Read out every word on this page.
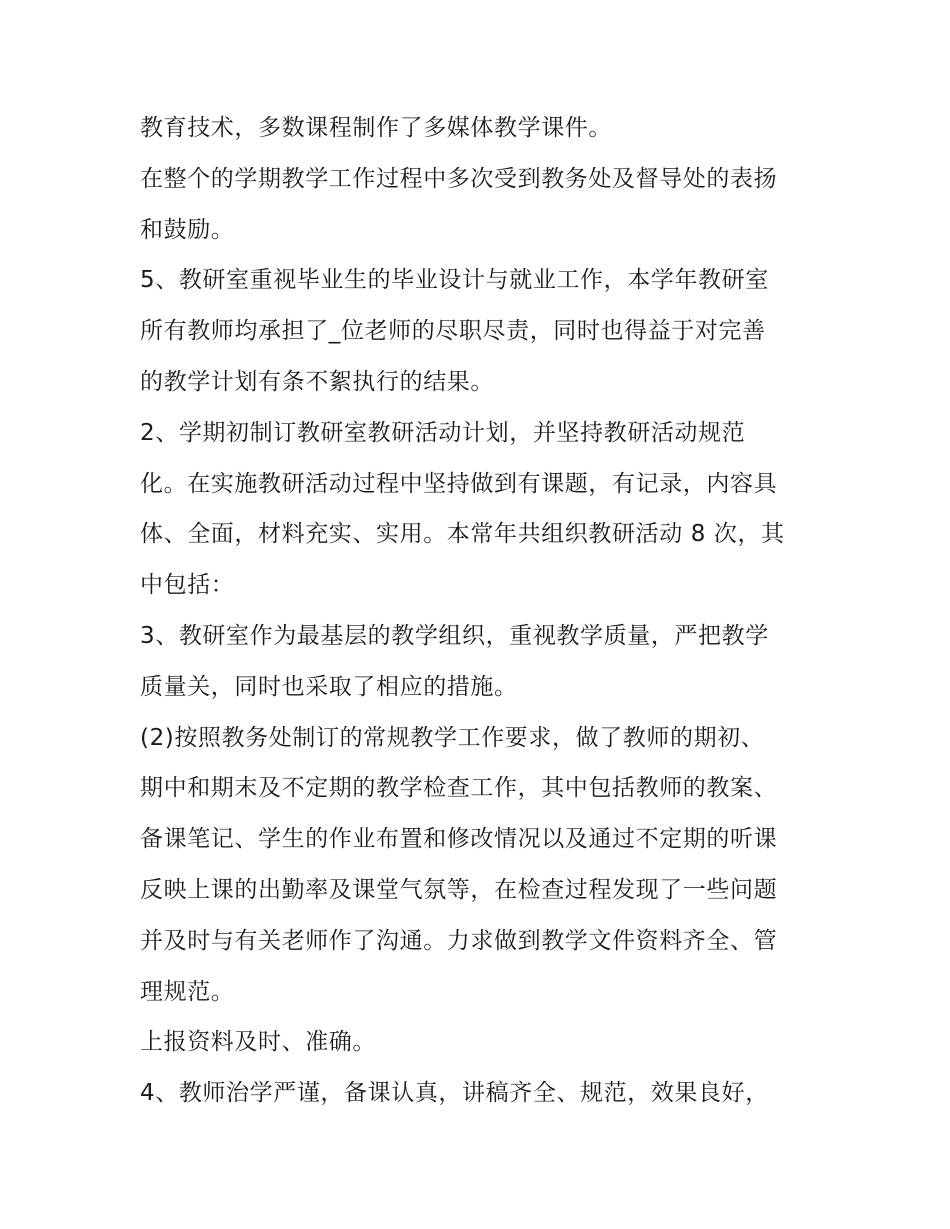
教育技术，多数课程制作了多媒体教学课件。
在整个的学期教学工作过程中多次受到教务处及督导处的表扬
和鼓励。
5、教研室重视毕业生的毕业设计与就业工作，本学年教研室
所有教师均承担了_位老师的尽职尽责，同时也得益于对完善
的教学计划有条不絮执行的结果。
2、学期初制订教研室教研活动计划，并坚持教研活动规范
化。在实施教研活动过程中坚持做到有课题，有记录，内容具
体、全面，材料充实、实用。本常年共组织教研活动 8 次，其
中包括：
3、教研室作为最基层的教学组织，重视教学质量，严把教学
质量关，同时也采取了相应的措施。
(2)按照教务处制订的常规教学工作要求，做了教师的期初、
期中和期末及不定期的教学检查工作，其中包括教师的教案、
备课笔记、学生的作业布置和修改情况以及通过不定期的听课
反映上课的出勤率及课堂气氛等，在检查过程发现了一些问题
并及时与有关老师作了沟通。力求做到教学文件资料齐全、管
理规范。
上报资料及时、准确。
4、教师治学严谨，备课认真，讲稿齐全、规范，效果良好，
